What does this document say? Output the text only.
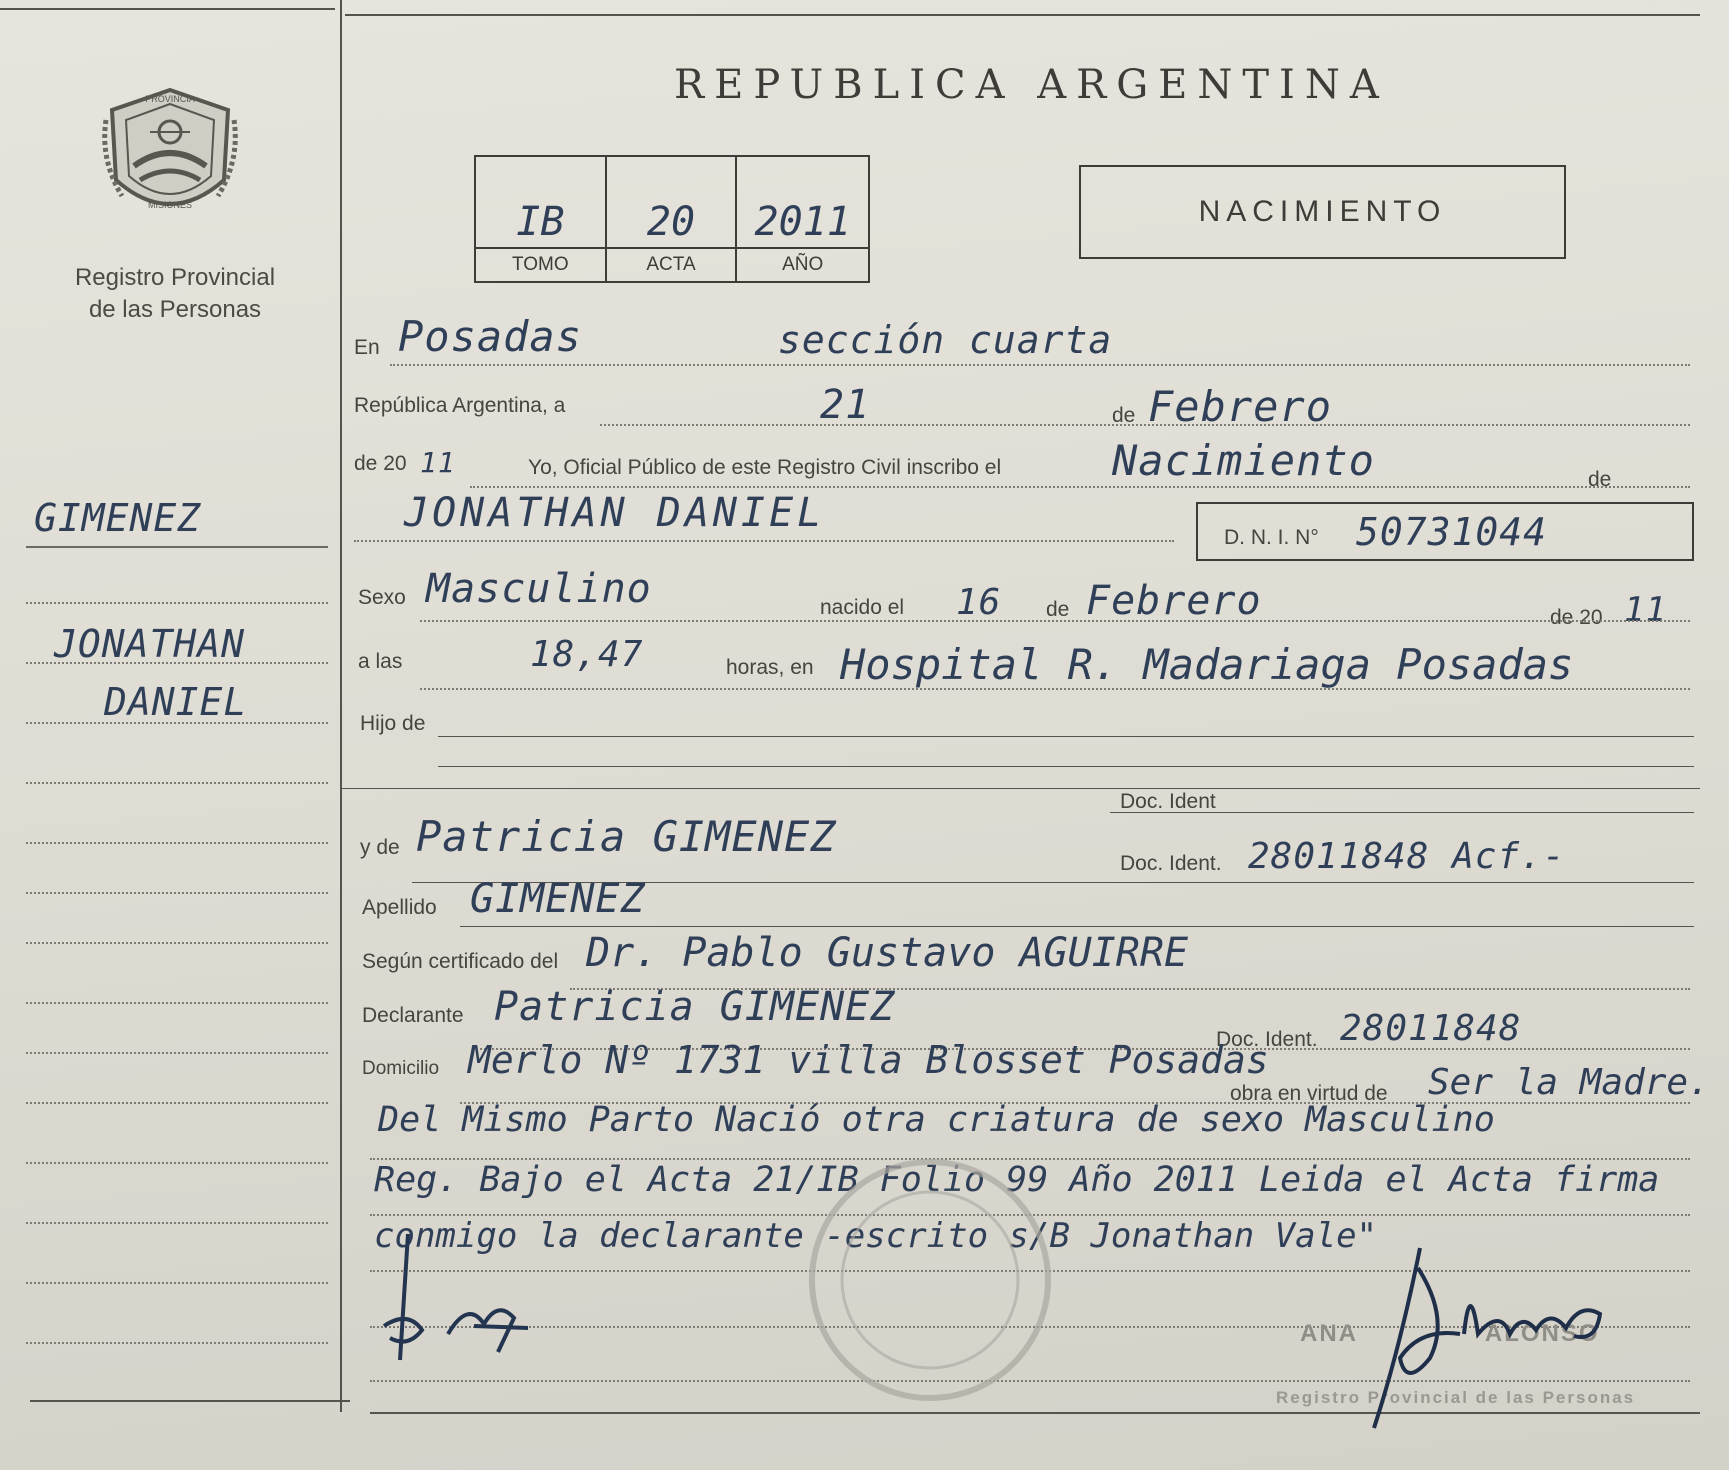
PROVINCIA
MISIONES
Registro Provincial
de las Personas
GIMENEZ
JONATHAN
DANIEL
REPUBLICA ARGENTINA
IB	20	2011
TOMO	ACTA	AÑO
NACIMIENTO
En Posadas	sección cuarta
República Argentina, a	21	de Febrero
de 20 11	Yo, Oficial Público de este Registro Civil inscribo el	Nacimiento	de
JONATHAN DANIEL
D. N. I. N° 50731044
Sexo Masculino	nacido el 16 de Febrero	de 20 11
a las	18,47	horas, en Hospital R. Madariaga Posadas
Hijo de
Doc. Ident
y de Patricia GIMENEZ
Doc. Ident. 28011848 Acf.-
Apellido GIMENEZ
Según certificado del Dr. Pablo Gustavo AGUIRRE
Declarante Patricia GIMENEZ
Doc. Ident. 28011848
Domicilio Merlo Nº 1731 villa Blosset Posadas
obra en virtud de Ser la Madre.
Del Mismo Parto Nació otra criatura de sexo Masculino
Reg. Bajo el Acta 21/IB Folio 99 Año 2011 Leida el Acta firma
conmigo la declarante -escrito s/B Jonathan Vale"
ANA ALONSO
Registro Provincial de las Personas
